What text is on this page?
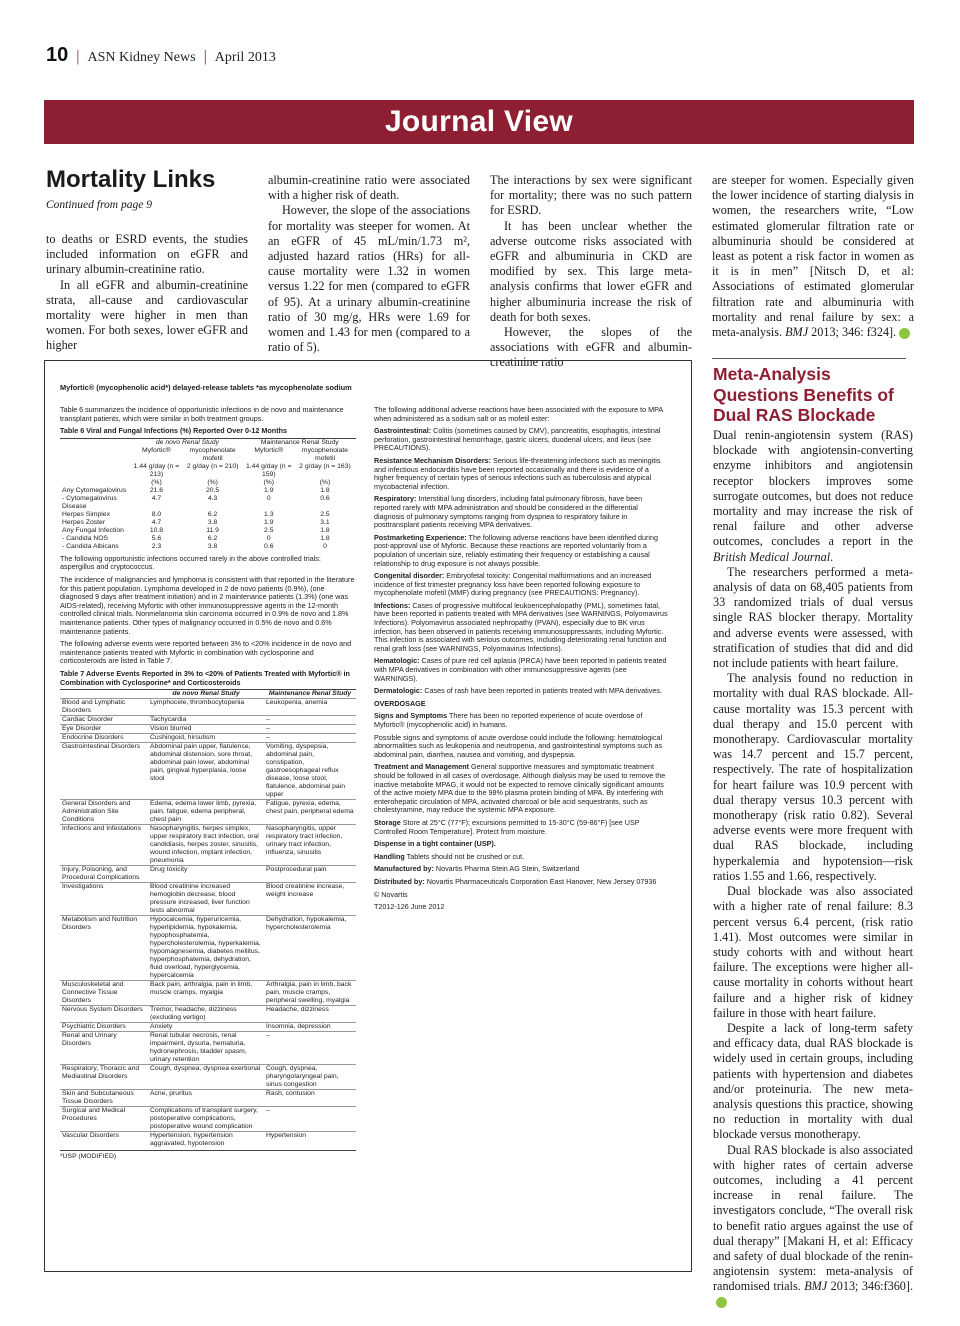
10 | ASN Kidney News | April 2013
Journal View
Mortality Links
Continued from page 9

to deaths or ESRD events, the studies included information on eGFR and urinary albumin-creatinine ratio.

In all eGFR and albumin-creatinine strata, all-cause and cardiovascular mortality were higher in men than women. For both sexes, lower eGFR and higher

albumin-creatinine ratio were associated with a higher risk of death.

However, the slope of the associations for mortality was steeper for women. At an eGFR of 45 mL/min/1.73 m², adjusted hazard ratios (HRs) for all-cause mortality were 1.32 in women versus 1.22 for men (compared to eGFR of 95). At a urinary albumin-creatinine ratio of 30 mg/g, HRs were 1.69 for women and 1.43 for men (compared to a ratio of 5).

The interactions by sex were significant for mortality; there was no such pattern for ESRD.

It has been unclear whether the adverse outcome risks associated with eGFR and albuminuria in CKD are modified by sex. This large meta-analysis confirms that lower eGFR and higher albuminuria increase the risk of death for both sexes.

However, the slopes of the associations with eGFR and albumin-creatinine ratio

are steeper for women. Especially given the lower incidence of starting dialysis in women, the researchers write, “Low estimated glomerular filtration rate or albuminuria should be considered at least as potent a risk factor in women as it is in men” [Nitsch D, et al: Associations of estimated glomerular filtration rate and albuminuria with mortality and renal failure by sex: a meta-analysis. BMJ 2013; 346: f324].

Meta-Analysis Questions Benefits of Dual RAS Blockade

Dual renin-angiotensin system (RAS) blockade with angiotensin-converting enzyme inhibitors and angiotensin receptor blockers improves some surrogate outcomes, but does not reduce mortality and may increase the risk of renal failure and other adverse outcomes, concludes a report in the British Medical Journal.

The researchers performed a meta-analysis of data on 68,405 patients from 33 randomized trials of dual versus single RAS blocker therapy. Mortality and adverse events were assessed, with stratification of studies that did and did not include patients with heart failure.

The analysis found no reduction in mortality with dual RAS blockade. All-cause mortality was 15.3 percent with dual therapy and 15.0 percent with monotherapy. Cardiovascular mortality was 14.7 percent and 15.7 percent, respectively. The rate of hospitalization for heart failure was 10.9 percent with dual therapy versus 10.3 percent with monotherapy (risk ratio 0.82). Several adverse events were more frequent with dual RAS blockade, including hyperkalemia and hypotension—risk ratios 1.55 and 1.66, respectively.

Dual blockade was also associated with a higher rate of renal failure: 8.3 percent versus 6.4 percent, (risk ratio 1.41). Most outcomes were similar in study cohorts with and without heart failure. The exceptions were higher all-cause mortality in cohorts without heart failure and a higher risk of kidney failure in those with heart failure.

Despite a lack of long-term safety and efficacy data, dual RAS blockade is widely used in certain groups, including patients with hypertension and diabetes and/or proteinuria. The new meta-analysis questions this practice, showing no reduction in mortality with dual blockade versus monotherapy.

Dual RAS blockade is also associated with higher rates of certain adverse outcomes, including a 41 percent increase in renal failure. The investigators conclude, “The overall risk to benefit ratio argues against the use of dual therapy” [Makani H, et al: Efficacy and safety of dual blockade of the renin-angiotensin system: meta-analysis of randomised trials. BMJ 2013; 346:f360].

Myfortic® (mycophenolic acid*) delayed-release tablets *as mycophenolate sodium

Table 6 summarizes the incidence of opportunistic infections in de novo and maintenance transplant patients, which were similar in both treatment groups.

Table 6 Viral and Fungal Infections (%) Reported Over 0-12 Months
	de novo Renal Study		Maintenance Renal Study	
	Myfortic®	mycophenolate mofetil	Myfortic®	mycophenolate mofetil
	1.44 g/day (n = 213)	2 g/day (n = 210)	1.44 g/day (n = 159)	2 g/day (n = 163)
	(%)	(%)	(%)	(%)
Any Cytomegalovirus	21.6	20.5	1.9	1.8
- Cytomegalovirus Disease	4.7	4.3	0	0.6
Herpes Simplex	8.0	6.2	1.3	2.5
Herpes Zoster	4.7	3.8	1.9	3.1
Any Fungal Infection	10.8	11.9	2.5	1.8
- Candida NOS	5.6	6.2	0	1.8
- Candida Albicans	2.3	3.8	0.6	0

The following opportunistic infections occurred rarely in the above controlled trials: aspergillus and cryptococcus.

The incidence of malignancies and lymphoma is consistent with that reported in the literature for this patient population. Lymphoma developed in 2 de novo patients (0.9%), (one diagnosed 9 days after treatment initiation) and in 2 maintenance patients (1.3%) (one was AIDS-related), receiving Myfortic with other immunosuppressive agents in the 12-month controlled clinical trials. Nonmelanoma skin carcinoma occurred in 0.9% de novo and 1.8% maintenance patients. Other types of malignancy occurred in 0.5% de novo and 0.6% maintenance patients.

The following adverse events were reported between 3% to <20% incidence in de novo and maintenance patients treated with Myfortic in combination with cyclosporine and corticosteroids are listed in Table 7.

Table 7 Adverse Events Reported in 3% to <20% of Patients Treated with Myfortic® in Combination with Cyclosporine* and Corticosteroids
	de novo Renal Study	Maintenance Renal Study
Blood and Lymphatic Disorders	Lymphocele, thrombocytopenia	Leukopenia, anemia
Cardiac Disorder	Tachycardia	–
Eye Disorder	Vision blurred	–
Endocrine Disorders	Cushingoid, hirsutism	–
Gastrointestinal Disorders	Abdominal pain upper, flatulence, abdominal distension, sore throat, abdominal pain lower, abdominal pain, gingival hyperplasia, loose stool	Vomiting, dyspepsia, abdominal pain, constipation, gastroesophageal reflux disease, loose stool, flatulence, abdominal pain upper
General Disorders and Administration Site Conditions	Edema, edema lower limb, pyrexia, pain, fatigue, edema peripheral, chest pain	Fatigue, pyrexia, edema, chest pain, peripheral edema
Infections and Infestations	Nasopharyngitis, herpes simplex, upper respiratory tract infection, oral candidiasis, herpes zoster, sinusitis, wound infection, implant infection, pneumonia	Nasopharyngitis, upper respiratory tract infection, urinary tract infection, influenza, sinusitis
Injury, Poisoning, and Procedural Complications	Drug toxicity	Postprocedural pain
Investigations	Blood creatinine increased hemoglobin decrease, blood pressure increased, liver function tests abnormal	Blood creatinine increase, weight increase
Metabolism and Nutrition Disorders	Hypocalcemia, hyperuricemia, hyperlipidemia, hypokalemia, hypophosphatemia, hypercholesterolemia, hyperkalemia, hypomagnesemia, diabetes mellitus, hyperphosphatemia, dehydration, fluid overload, hyperglycemia, hypercalcemia	Dehydration, hypokalemia, hypercholesterolemia
Musculoskeletal and Connective Tissue Disorders	Back pain, arthralgia, pain in limb, muscle cramps, myalgia	Arthralgia, pain in limb, back pain, muscle cramps, peripheral swelling, myalgia
Nervous System Disorders	Tremor, headache, dizziness (excluding vertigo)	Headache, dizziness
Psychiatric Disorders	Anxiety	Insomnia, depression
Renal and Urinary Disorders	Renal tubular necrosis, renal impairment, dysuria, hematuria, hydronephrosis, bladder spasm, urinary retention	–
Respiratory, Thoracic and Mediastinal Disorders	Cough, dyspnea, dyspnea exertional	Cough, dyspnea, pharyngolaryngeal pain, sinus congestion
Skin and Subcutaneous Tissue Disorders	Acne, pruritus	Rash, contusion
Surgical and Medical Procedures	Complications of transplant surgery, postoperative complications, postoperative wound complication	–
Vascular Disorders	Hypertension, hypertension aggravated, hypotension	Hypertension
*USP (MODIFIED)

The following additional adverse reactions have been associated with the exposure to MPA when administered as a sodium salt or as mofetil ester:

Gastrointestinal: Colitis (sometimes caused by CMV), pancreatitis, esophagitis, intestinal perforation, gastrointestinal hemorrhage, gastric ulcers, duodenal ulcers, and ileus (see PRECAUTIONS).

Resistance Mechanism Disorders: Serious life-threatening infections such as meningitis and infectious endocarditis have been reported occasionally and there is evidence of a higher frequency of certain types of serious infections such as tuberculosis and atypical mycobacterial infection.

Respiratory: Interstitial lung disorders, including fatal pulmonary fibrosis, have been reported rarely with MPA administration and should be considered in the differential diagnosis of pulmonary symptoms ranging from dyspnea to respiratory failure in posttransplant patients receiving MPA derivatives.

Postmarketing Experience: The following adverse reactions have been identified during post-approval use of Myfortic. Because these reactions are reported voluntarily from a population of uncertain size, reliably estimating their frequency or establishing a causal relationship to drug exposure is not always possible.

Congenital disorder: Embryofetal toxicity: Congenital malformations and an increased incidence of first trimester pregnancy loss have been reported following exposure to mycophenolate mofetil (MMF) during pregnancy (see PRECAUTIONS: Pregnancy).

Infections: Cases of progressive multifocal leukoencephalopathy (PML), sometimes fatal, have been reported in patients treated with MPA derivatives (see WARNINGS, Polyomavirus Infections). Polyomavirus associated nephropathy (PVAN), especially due to BK virus infection, has been observed in patients receiving immunosuppressants, including Myfortic. This infection is associated with serious outcomes, including deteriorating renal function and renal graft loss (see WARNINGS, Polyomavirus Infections).

Hematologic: Cases of pure red cell aplasia (PRCA) have been reported in patients treated with MPA derivatives in combination with other immunosuppressive agents (see WARNINGS).

Dermatologic: Cases of rash have been reported in patients treated with MPA derivatives.

OVERDOSAGE

Signs and Symptoms There has been no reported experience of acute overdose of Myfortic® (mycophenolic acid) in humans.

Possible signs and symptoms of acute overdose could include the following: hematological abnormalities such as leukopenia and neutropenia, and gastrointestinal symptoms such as abdominal pain, diarrhea, nausea and vomiting, and dyspepsia.

Treatment and Management General supportive measures and symptomatic treatment should be followed in all cases of overdosage. Although dialysis may be used to remove the inactive metabolite MPAG, it would not be expected to remove clinically significant amounts of the active moiety MPA due to the 98% plasma protein binding of MPA. By interfering with enterohepatic circulation of MPA, activated charcoal or bile acid sequestrants, such as cholestyramine, may reduce the systemic MPA exposure.

Storage Store at 25°C (77°F); excursions permitted to 15-30°C (59-86°F) [see USP Controlled Room Temperature]. Protect from moisture.

Dispense in a tight container (USP).

Handling Tablets should not be crushed or cut.

Manufactured by: Novartis Pharma Stein AG Stein, Switzerland

Distributed by: Novartis Pharmaceuticals Corporation East Hanover, New Jersey 07936

© Novartis

T2012-126 June 2012
